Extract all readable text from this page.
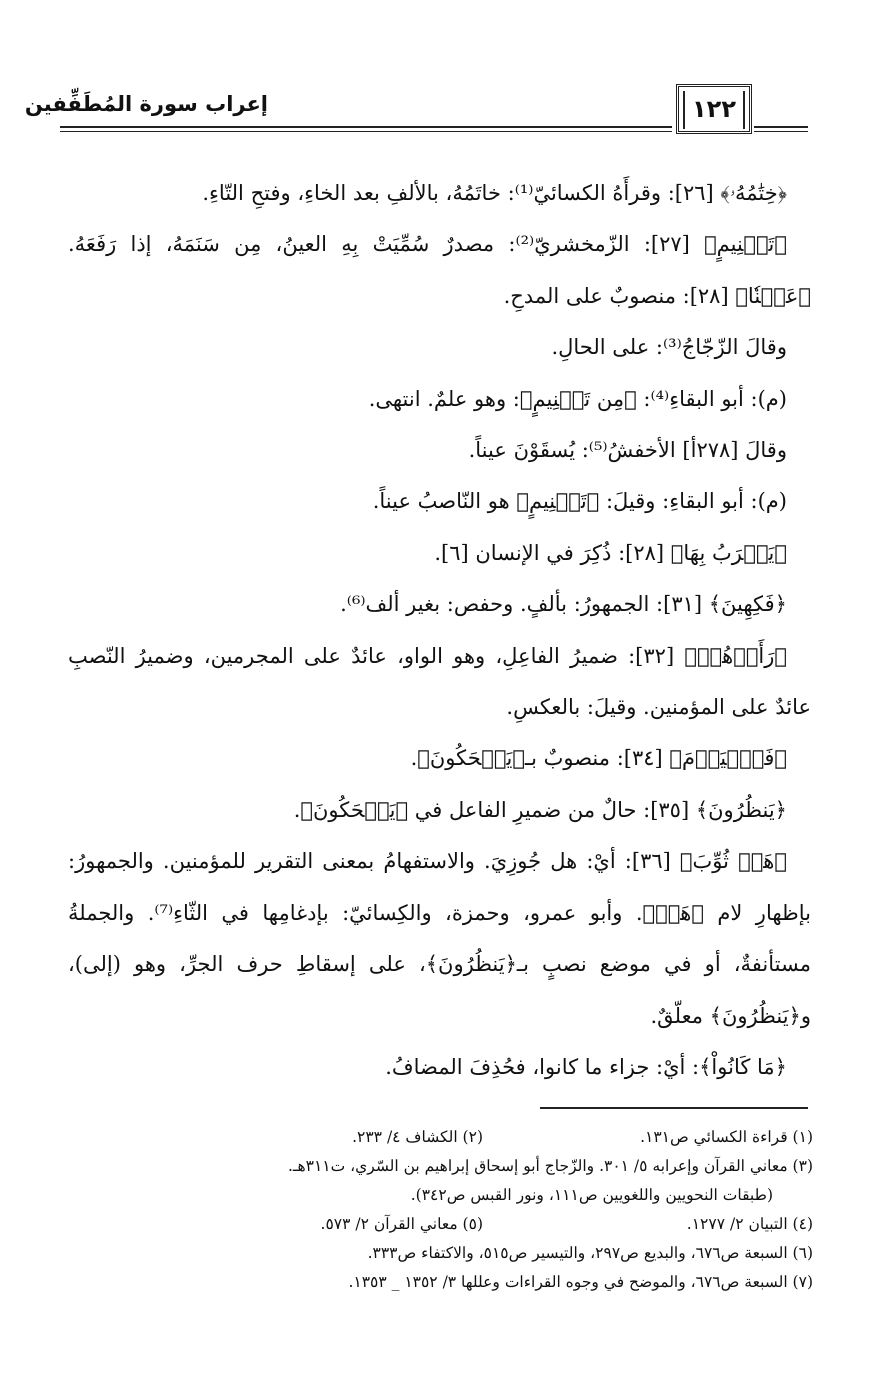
إعراب سورة المُطَفِّفين	١٢٢

﴿خِتَٰمُهُۥ﴾ [٢٦]: وقرأَهُ الكسائيّ⁽¹⁾: خاتَمُهُ، بالألفِ بعد الخاءِ، وفتحِ التّاءِ.

﴿تَسۡنِيمٍ﴾ [٢٧]: الزّمخشريّ⁽²⁾: مصدرٌ سُمِّيَتْ بِهِ العينُ، مِن سَنَمَهُ، إذا رَفَعَهُ. ﴿عَيۡنٗا﴾ [٢٨]: منصوبٌ على المدحِ.

وقالَ الزّجّاجُ⁽³⁾: على الحالِ.

(م): أبو البقاءِ⁽⁴⁾: ﴿مِن تَسۡنِيمٍ﴾: وهو علمٌ. انتهى.

وقالَ [٢٧٨أ] الأخفشُ⁽⁵⁾: يُسقَوْنَ عيناً.

(م): أبو البقاءِ: وقيلَ: ﴿تَسۡنِيمٍ﴾ هو النّاصبُ عيناً.

﴿يَشۡرَبُ بِهَا﴾ [٢٨]: ذُكِرَ في الإنسان [٦].

﴿فَكِهِينَ﴾ [٣١]: الجمهورُ: بألفٍ. وحفص: بغير ألف⁽⁶⁾.

﴿رَأَوۡهُمۡ﴾ [٣٢]: ضميرُ الفاعِلِ، وهو الواو، عائدٌ على المجرمين، وضميرُ النّصبِ عائدٌ على المؤمنين. وقيلَ: بالعكسِ.

﴿فَٱلۡيَوۡمَ﴾ [٣٤]: منصوبٌ بـ﴿يَضۡحَكُونَ﴾.

﴿يَنظُرُونَ﴾ [٣٥]: حالٌ من ضميرِ الفاعل في ﴿يَضۡحَكُونَ﴾.

﴿هَلۡ ثُوِّبَ﴾ [٣٦]: أيْ: هل جُوزِيَ. والاستفهامُ بمعنى التقرير للمؤمنين. والجمهورُ: بإظهارِ لام ﴿هَلۡ﴾. وأبو عمرو، وحمزة، والكِسائيّ: بإدغامِها في الثّاءِ⁽⁷⁾. والجملةُ مستأنفةٌ، أو في موضع نصبٍ بـ﴿يَنظُرُونَ﴾، على إسقاطِ حرف الجرِّ، وهو (إلى)، و﴿يَنظُرُونَ﴾ معلّقٌ.

﴿مَا كَانُواْ﴾: أيْ: جزاء ما كانوا، فحُذِفَ المضافُ.

(١) قراءة الكسائي ص١٣١.
(٢) الكشاف ٤/ ٢٣٣.
(٣) معاني القرآن وإعرابه ٥/ ٣٠١. والزّجاج أبو إسحاق إبراهيم بن السّري، ت٣١١هـ.
(طبقات النحويين واللغويين ص١١١، ونور القبس ص٣٤٢).
(٤) التبيان ٢/ ١٢٧٧.
(٥) معاني القرآن ٢/ ٥٧٣.
(٦) السبعة ص٦٧٦، والبديع ص٢٩٧، والتيسير ص٥١٥، والاكتفاء ص٣٣٣.
(٧) السبعة ص٦٧٦، والموضح في وجوه القراءات وعللها ٣/ ١٣٥٢ _ ١٣٥٣.
